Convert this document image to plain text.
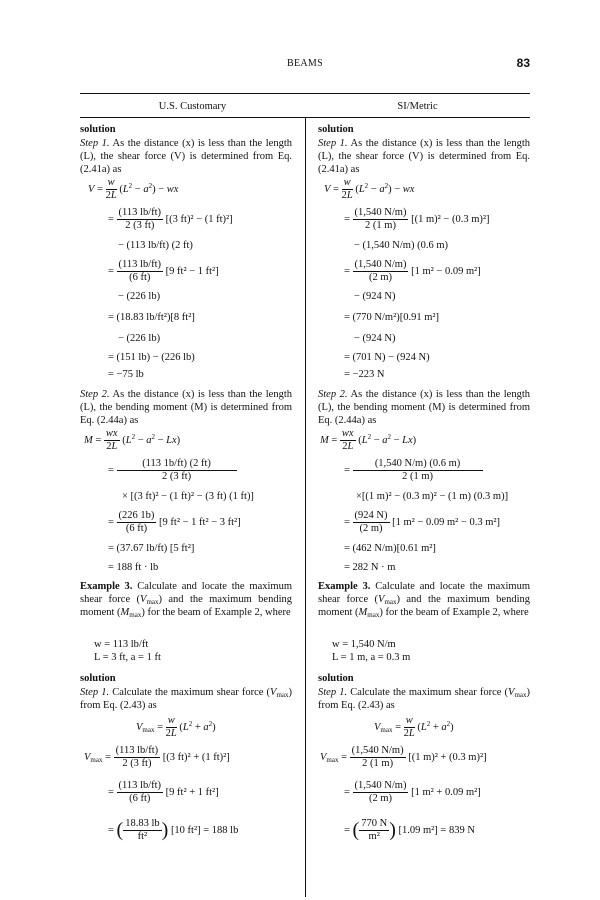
BEAMS	83
U.S. Customary	SI/Metric
solution

Step 1. As the distance (x) is less than the length (L), the shear force (V) is determined from Eq. (2.41a) as

$V = \frac{w}{2L} (L^2 - a^2)$ − wx
= $\frac{(113 lb/ft)}{2 (3 ft)} [(3$ ft)² − (1 ft)²]
− (113 lb/ft) (2 ft)
= $\frac{(113 lb/ft)}{(6 ft)} [9$ ft² − 1 ft²]
− (226 lb)
= (18.83 lb/ft²)[8 ft²]
− (226 lb)
= (151 lb) − (226 lb)
= −75 lb

Step 2. As the distance (x) is less than the length (L), the bending moment (M) is determined from Eq. (2.44a) as

$M = \frac{wx}{2L} (L^2 - a^2 - Lx)$
= $\frac{(113 1b/ft) (2 ft)}{2 (3 ft)}$
× [(3 ft)² − (1 ft)² − (3 ft) (1 ft)]
= $\frac{(226 1b)}{(6 ft)} [9$ ft² − 1 ft² − 3 ft²]
= (37.67 lb/ft) [5 ft²]
= 188 ft · lb

Example 3. Calculate and locate the maximum shear force $(V_{max})$ and the maximum bending moment $(M_{max})$ for the beam of Example 2, where

w = 113 lb/ft
L = 3 ft, a = 1 ft
solution

Step 1. Calculate the maximum shear force $(V_{max})$ from Eq. (2.43) as

$V_{max} = \frac{w}{2L} (L^2 + a^2)$
$V_{max} = \frac{(113 lb/ft)}{2 (3 ft)} [(3$ ft)² + (1 ft)²]
= $\frac{(113 lb/ft)}{(6 ft)} [9$ ft² + 1 ft²]
= ( $\frac{18.83 lb}{\text{ft²}}$ ) [10 ft²] = 188 lb
solution

Step 1. As the distance (x) is less than the length (L), the shear force (V) is determined from Eq. (2.41a) as

$V = \frac{w}{2L} (L^2 - a^2)$ − wx
= $\frac{(1,540 N/m)}{2 (1 m)} [(1$ m)² − (0.3 m)²]
− (1,540 N/m) (0.6 m)
= $\frac{(1,540 N/m)}{(2 m)} [1$ m² − 0.09 m²]
− (924 N)
= (770 N/m²)[0.91 m²]
− (924 N)
= (701 N) − (924 N)
= −223 N

Step 2. As the distance (x) is less than the length (L), the bending moment (M) is determined from Eq. (2.44a) as

$M = \frac{wx}{2L} (L^2 - a^2 - Lx)$
= $\frac{(1,540 N/m) (0.6 m)}{2 (1 m)}$
×[(1 m)² − (0.3 m)² − (1 m) (0.3 m)]
= $\frac{(924 N)}{(2 m)} [1$ m² − 0.09 m² − 0.3 m²]
= (462 N/m)[0.61 m²]
= 282 N · m

Example 3. Calculate and locate the maximum shear force $(V_{max})$ and the maximum bending moment $(M_{max})$ for the beam of Example 2, where

w = 1,540 N/m
L = 1 m, a = 0.3 m
solution

Step 1. Calculate the maximum shear force $(V_{max})$ from Eq. (2.43) as

$V_{max} = \frac{w}{2L} (L^2 + a^2)$
$V_{max} = \frac{(1,540 N/m)}{2 (1 m)} [(1$ m)² + (0.3 m)²]
= $\frac{(1,540 N/m)}{(2 m)} [1$ m² + 0.09 m²]
= ( $\frac{770 N}{\text{m²}}$ ) [1.09 m²] = 839 N
